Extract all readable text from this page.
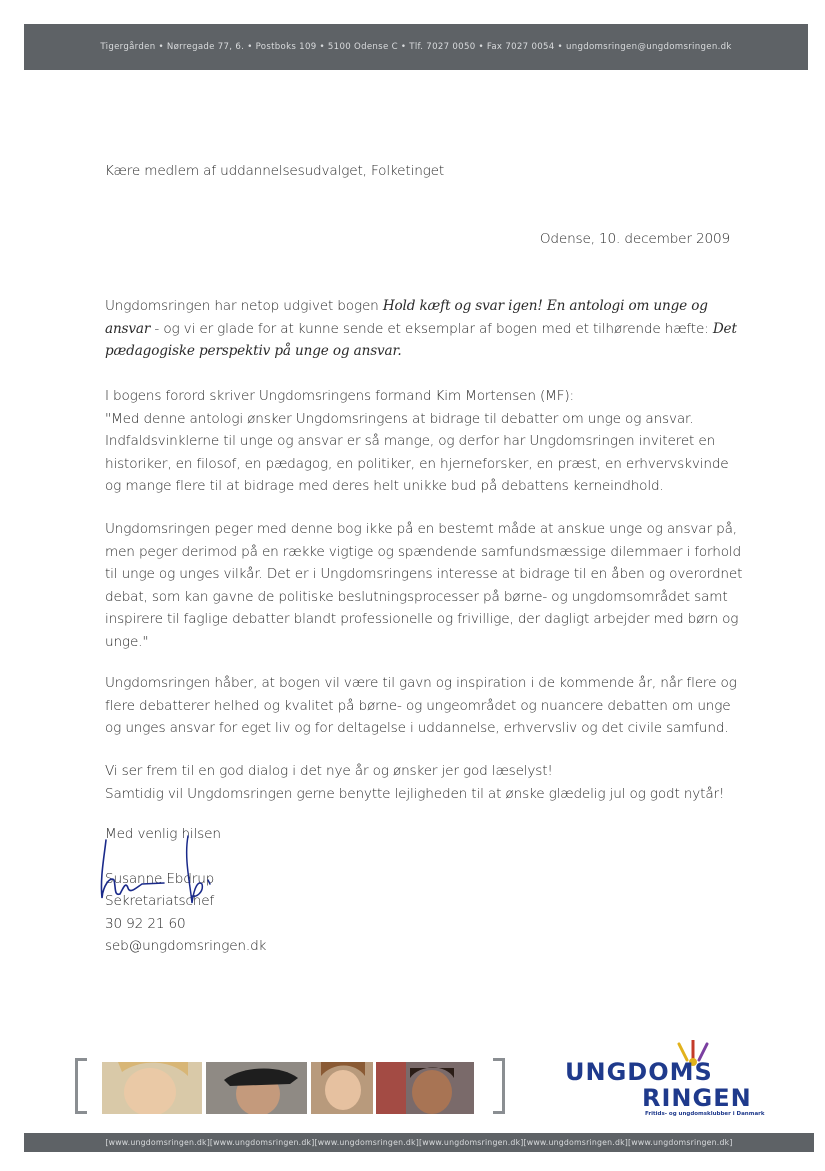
Tigergården • Nørregade 77, 6. • Postboks 109 • 5100 Odense C • Tlf. 7027 0050 • Fax 7027 0054 • ungdomsringen@ungdomsringen.dk

Kære medlem af uddannelsesudvalget, Folketinget

Odense, 10. december 2009

Ungdomsringen har netop udgivet bogen Hold kæft og svar igen! En antologi om unge og ansvar - og vi er glade for at kunne sende et eksemplar af bogen med et tilhørende hæfte: Det pædagogiske perspektiv på unge og ansvar.

I bogens forord skriver Ungdomsringens formand Kim Mortensen (MF):
"Med denne antologi ønsker Ungdomsringens at bidrage til debatter om unge og ansvar. Indfaldsvinklerne til unge og ansvar er så mange, og derfor har Ungdomsringen inviteret en historiker, en filosof, en pædagog, en politiker, en hjerneforsker, en præst, en erhvervskvinde og mange flere til at bidrage med deres helt unikke bud på debattens kerneindhold.

Ungdomsringen peger med denne bog ikke på en bestemt måde at anskue unge og ansvar på, men peger derimod på en række vigtige og spændende samfundsmæssige dilemmaer i forhold til unge og unges vilkår. Det er i Ungdomsringens interesse at bidrage til en åben og overordnet debat, som kan gavne de politiske beslutningsprocesser på børne- og ungdomsområdet samt inspirere til faglige debatter blandt professionelle og frivillige, der dagligt arbejder med børn og unge."

Ungdomsringen håber, at bogen vil være til gavn og inspiration i de kommende år, når flere og flere debatterer helhed og kvalitet på børne- og ungeområdet og nuancere debatten om unge og unges ansvar for eget liv og for deltagelse i uddannelse, erhvervsliv og det civile samfund.

Vi ser frem til en god dialog i det nye år og ønsker jer god læselyst!
Samtidig vil Ungdomsringen gerne benytte lejligheden til at ønske glædelig jul og godt nytår!

Med venlig hilsen
Susanne Ebdrup
Sekretariatschef
30 92 21 60
seb@ungdomsringen.dk
UNGDOMS
RINGEN
Fritids- og ungdomsklubber i Danmark
[www.ungdomsringen.dk][www.ungdomsringen.dk][www.ungdomsringen.dk][www.ungdomsringen.dk][www.ungdomsringen.dk][www.ungdomsringen.dk]
